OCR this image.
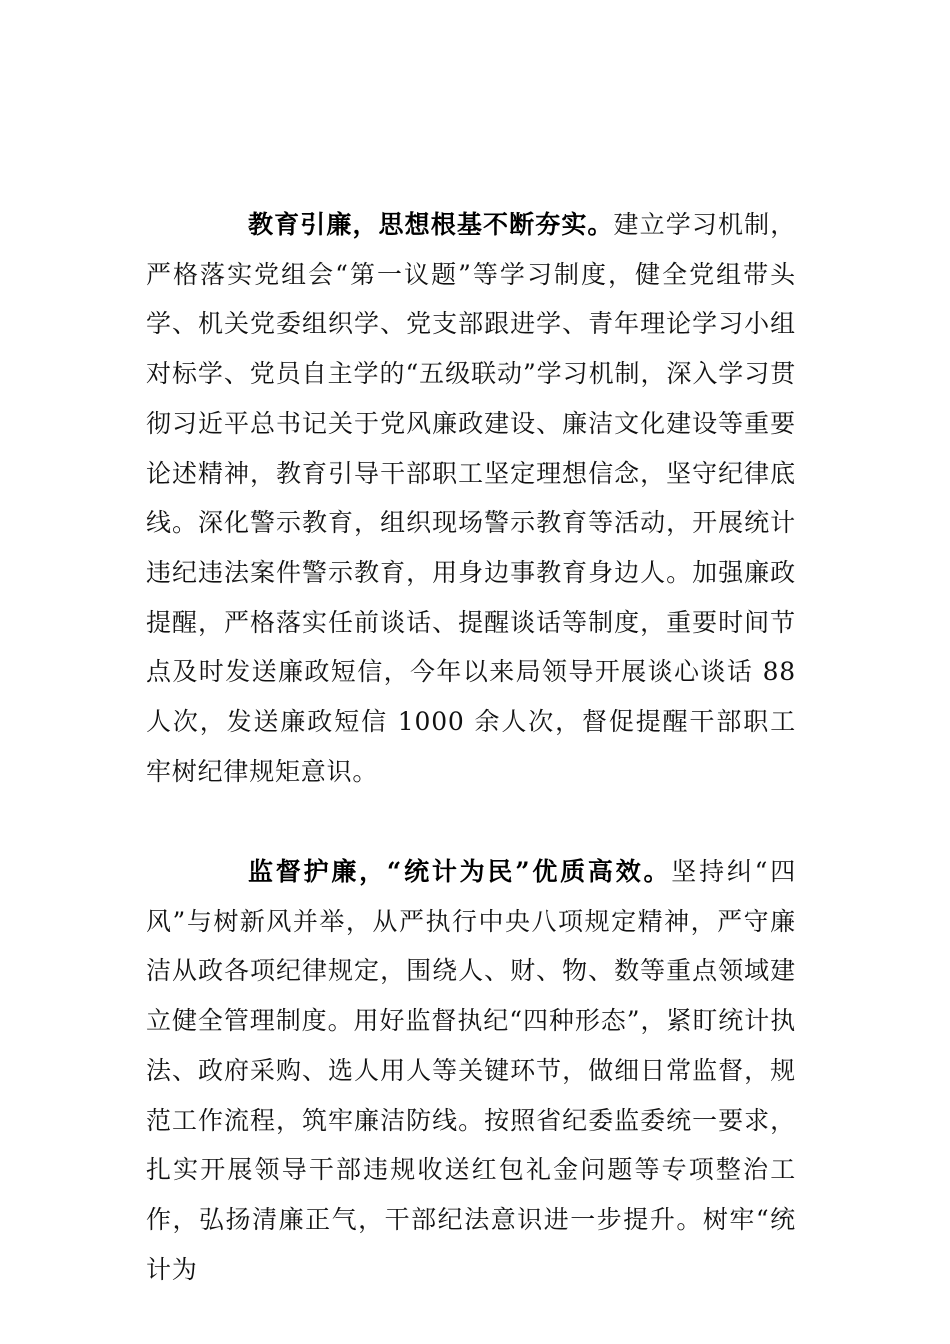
教育引廉，思想根基不断夯实。建立学习机制，严格落实党组会“第一议题”等学习制度，健全党组带头学、机关党委组织学、党支部跟进学、青年理论学习小组对标学、党员自主学的“五级联动”学习机制，深入学习贯彻习近平总书记关于党风廉政建设、廉洁文化建设等重要论述精神，教育引导干部职工坚定理想信念，坚守纪律底线。深化警示教育，组织现场警示教育等活动，开展统计违纪违法案件警示教育，用身边事教育身边人。加强廉政提醒，严格落实任前谈话、提醒谈话等制度，重要时间节点及时发送廉政短信，今年以来局领导开展谈心谈话 88 人次，发送廉政短信 1000 余人次，督促提醒干部职工牢树纪律规矩意识。

监督护廉，“统计为民”优质高效。坚持纠“四风”与树新风并举，从严执行中央八项规定精神，严守廉洁从政各项纪律规定，围绕人、财、物、数等重点领域建立健全管理制度。用好监督执纪“四种形态”，紧盯统计执法、政府采购、选人用人等关键环节，做细日常监督，规范工作流程，筑牢廉洁防线。按照省纪委监委统一要求，扎实开展领导干部违规收送红包礼金问题等专项整治工作，弘扬清廉正气，干部纪法意识进一步提升。树牢“统计为
